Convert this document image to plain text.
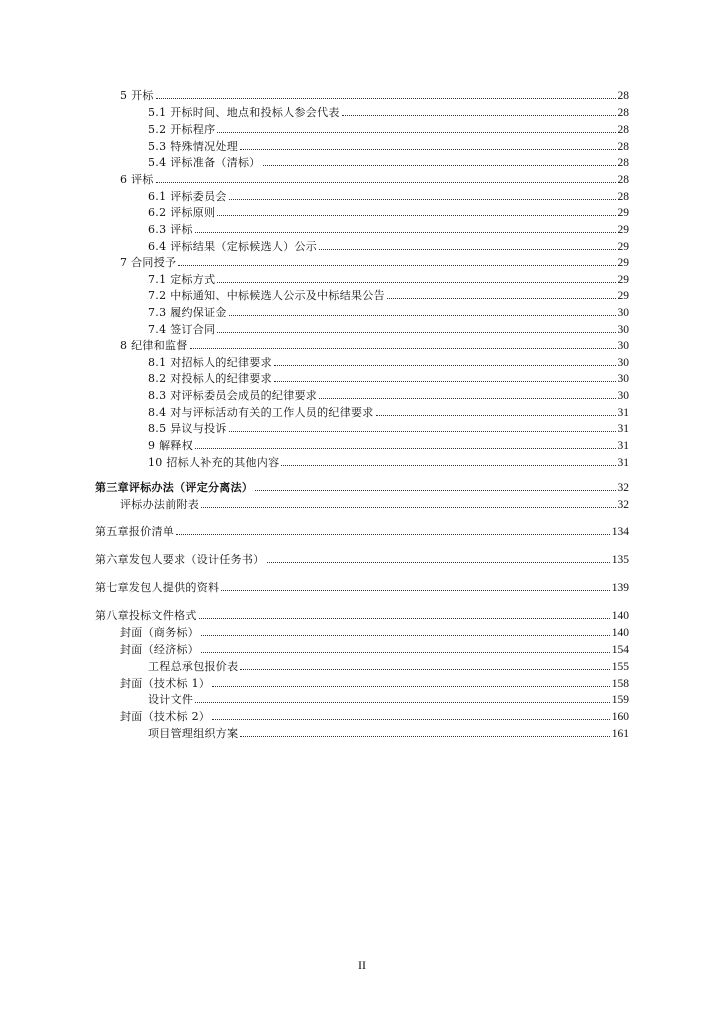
5 开标	28
5.1 开标时间、地点和投标人参会代表	28
5.2 开标程序	28
5.3 特殊情况处理	28
5.4 评标准备（清标）	28
6 评标	28
6.1 评标委员会	28
6.2 评标原则	29
6.3 评标	29
6.4 评标结果（定标候选人）公示	29
7 合同授予	29
7.1 定标方式	29
7.2 中标通知、中标候选人公示及中标结果公告	29
7.3 履约保证金	30
7.4 签订合同	30
8 纪律和监督	30
8.1 对招标人的纪律要求	30
8.2 对投标人的纪律要求	30
8.3 对评标委员会成员的纪律要求	30
8.4 对与评标活动有关的工作人员的纪律要求	31
8.5 异议与投诉	31
9 解释权	31
10 招标人补充的其他内容	31
第三章评标办法（评定分离法）	32
评标办法前附表	32
第五章报价清单	134
第六章发包人要求（设计任务书）	135
第七章发包人提供的资料	139
第八章投标文件格式	140
封面（商务标）	140
封面（经济标）	154
工程总承包报价表	155
封面（技术标 1）	158
设计文件	159
封面（技术标 2）	160
项目管理组织方案	161
II
